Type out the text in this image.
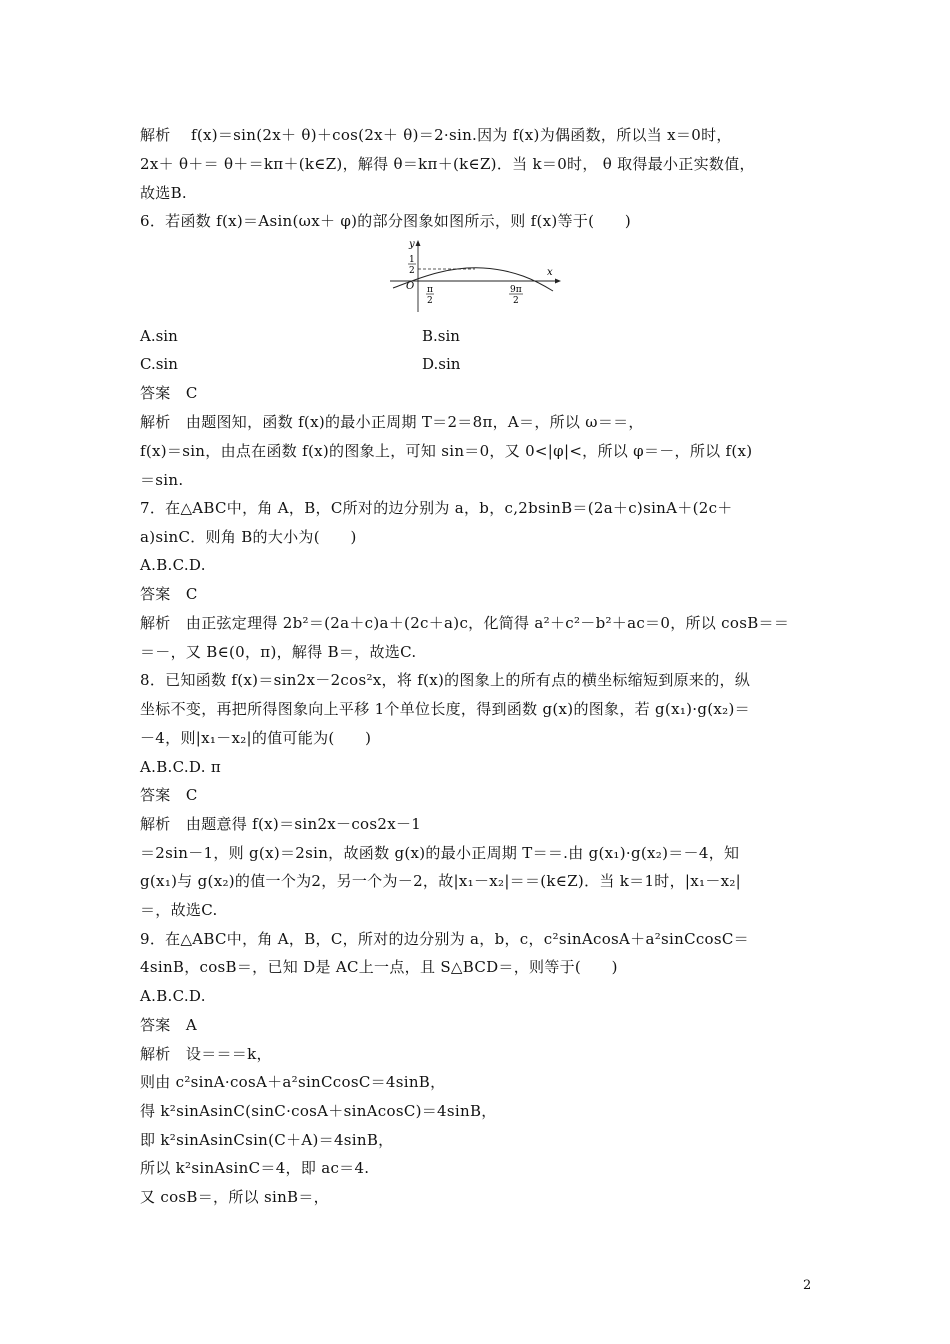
解析　 f(x)＝sin(2x＋ θ)＋cos(2x＋ θ)＝2·sin.因为 f(x)为偶函数，所以当 x＝0时，
2x＋ θ＋＝ θ＋＝kπ＋(k∈Z)，解得 θ＝kπ＋(k∈Z)．当 k＝0时， θ 取得最小正实数值，
故选B.
6．若函数 f(x)＝Asin(ωx＋ φ)的部分图象如图所示，则 f(x)等于(　　)
y
x
O
1
2
π
2
9π
2
A.sin	B.sin
C.sin	D.sin
答案　C
解析　由题图知，函数 f(x)的最小正周期 T＝2＝8π，A＝，所以 ω＝＝，
f(x)＝sin，由点在函数 f(x)的图象上，可知 sin＝0，又 0<|φ|<，所以 φ＝－，所以 f(x)
＝sin.
7．在△ABC中，角 A，B，C所对的边分别为 a，b，c,2bsinB＝(2a＋c)sinA＋(2c＋
a)sinC．则角 B的大小为(　　)
A.B.C.D.
答案　C
解析　由正弦定理得 2b²＝(2a＋c)a＋(2c＋a)c，化简得 a²＋c²－b²＋ac＝0，所以 cosB＝＝
＝－，又 B∈(0，π)，解得 B＝，故选C.
8．已知函数 f(x)＝sin2x－2cos²x，将 f(x)的图象上的所有点的横坐标缩短到原来的，纵
坐标不变，再把所得图象向上平移 1个单位长度，得到函数 g(x)的图象，若 g(x₁)·g(x₂)＝
－4，则|x₁－x₂|的值可能为(　　)
A.B.C.D. π
答案　C
解析　由题意得 f(x)＝sin2x－cos2x－1
＝2sin－1，则 g(x)＝2sin，故函数 g(x)的最小正周期 T＝＝.由 g(x₁)·g(x₂)＝－4，知
g(x₁)与 g(x₂)的值一个为2，另一个为－2，故|x₁－x₂|＝＝(k∈Z)．当 k＝1时，|x₁－x₂|
＝，故选C.
9．在△ABC中，角 A，B，C，所对的边分别为 a，b，c，c²sinAcosA＋a²sinCcosC＝
4sinB，cosB＝，已知 D是 AC上一点，且 S△BCD＝，则等于(　　)
A.B.C.D.
答案　A
解析　设＝＝＝k，
则由 c²sinA·cosA＋a²sinCcosC＝4sinB，
得 k²sinAsinC(sinC·cosA＋sinAcosC)＝4sinB，
即 k²sinAsinCsin(C＋A)＝4sinB，
所以 k²sinAsinC＝4，即 ac＝4.
又 cosB＝，所以 sinB＝，
2
